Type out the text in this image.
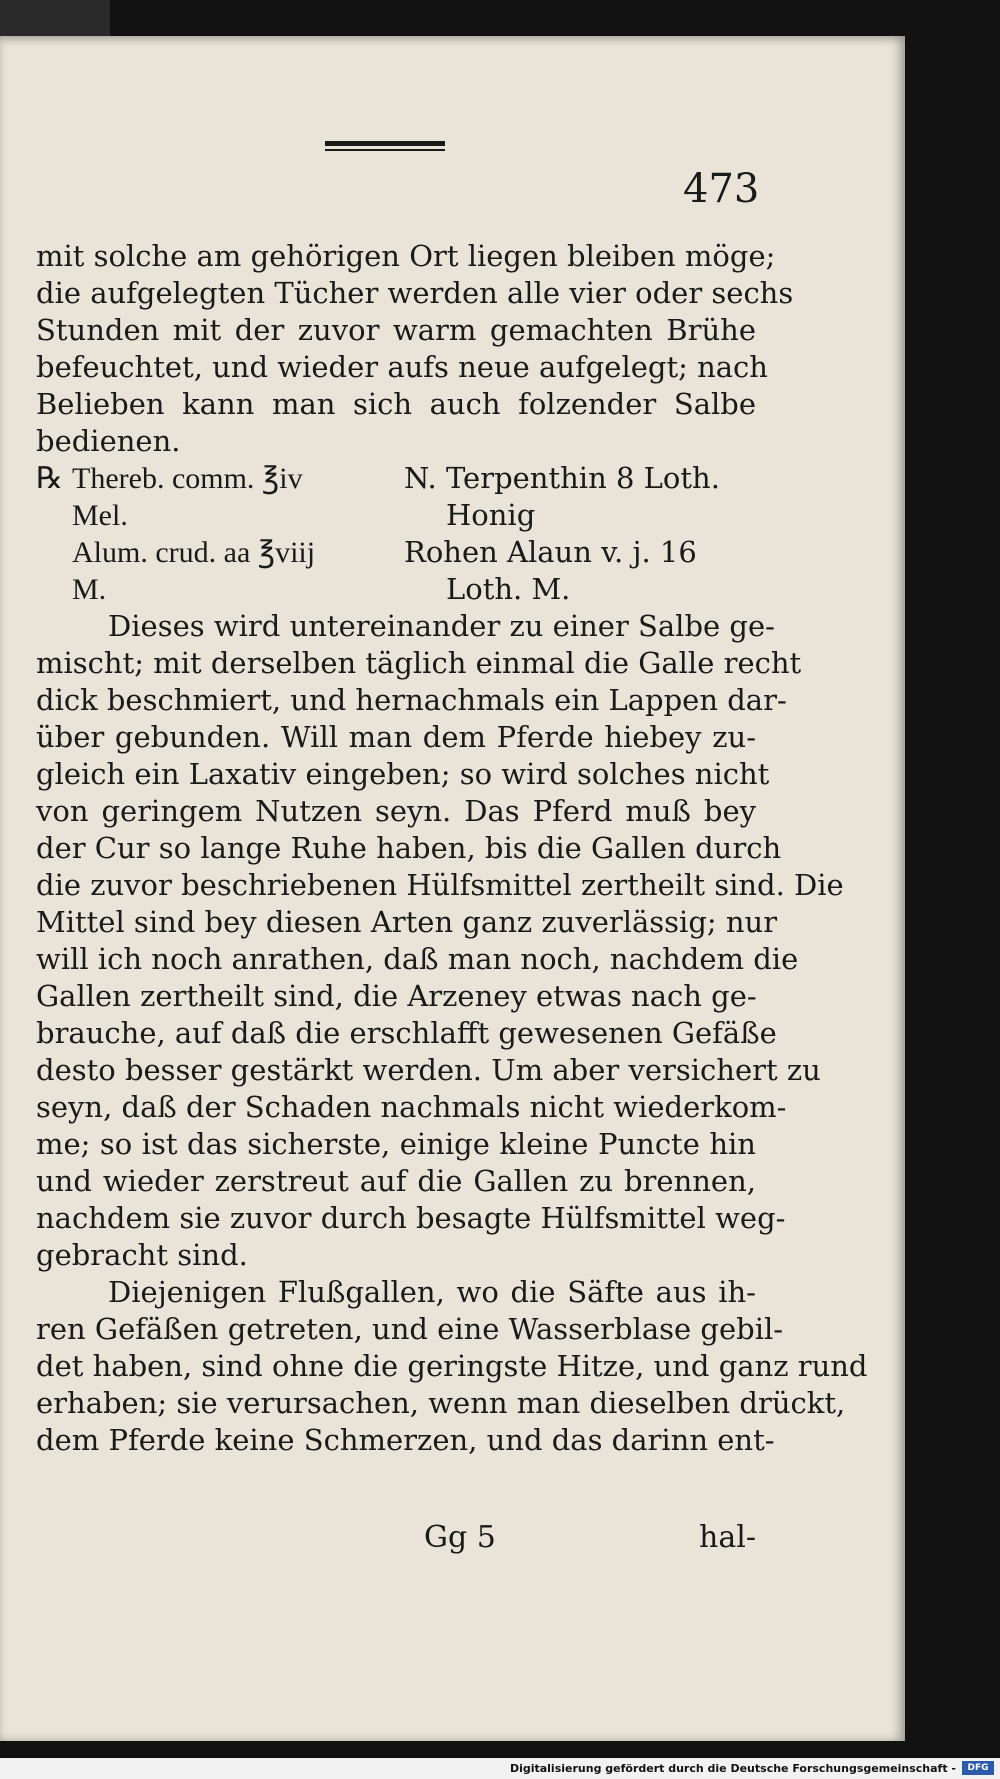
473
mit solche am gehörigen Ort liegen bleiben möge;
die aufgelegten Tücher werden alle vier oder sechs
Stunden mit der zuvor warm gemachten Brühe
befeuchtet, und wieder aufs neue aufgelegt; nach
Belieben kann man sich auch folzender Salbe
bedienen.
℞ Thereb. comm. ℥iv
Mel.
Alum. crud. aa ℥viij
M.
N. Terpenthin 8 Loth.
Honig
Rohen Alaun v. j. 16
Loth. M.
Dieses wird untereinander zu einer Salbe ge-
mischt; mit derselben täglich einmal die Galle recht
dick beschmiert, und hernachmals ein Lappen dar-
über gebunden. Will man dem Pferde hiebey zu-
gleich ein Laxativ eingeben; so wird solches nicht
von geringem Nutzen seyn. Das Pferd muß bey
der Cur so lange Ruhe haben, bis die Gallen durch
die zuvor beschriebenen Hülfsmittel zertheilt sind. Die
Mittel sind bey diesen Arten ganz zuverlässig; nur
will ich noch anrathen, daß man noch, nachdem die
Gallen zertheilt sind, die Arzeney etwas nach ge-
brauche, auf daß die erschlafft gewesenen Gefäße
desto besser gestärkt werden. Um aber versichert zu
seyn, daß der Schaden nachmals nicht wiederkom-
me; so ist das sicherste, einige kleine Puncte hin
und wieder zerstreut auf die Gallen zu brennen,
nachdem sie zuvor durch besagte Hülfsmittel weg-
gebracht sind.
Diejenigen Flußgallen, wo die Säfte aus ih-
ren Gefäßen getreten, und eine Wasserblase gebil-
det haben, sind ohne die geringste Hitze, und ganz rund
erhaben; sie verursachen, wenn man dieselben drückt,
dem Pferde keine Schmerzen, und das darinn ent-
Gg 5	hal-
Digitalisierung gefördert durch die Deutsche Forschungsgemeinschaft -	DFG
